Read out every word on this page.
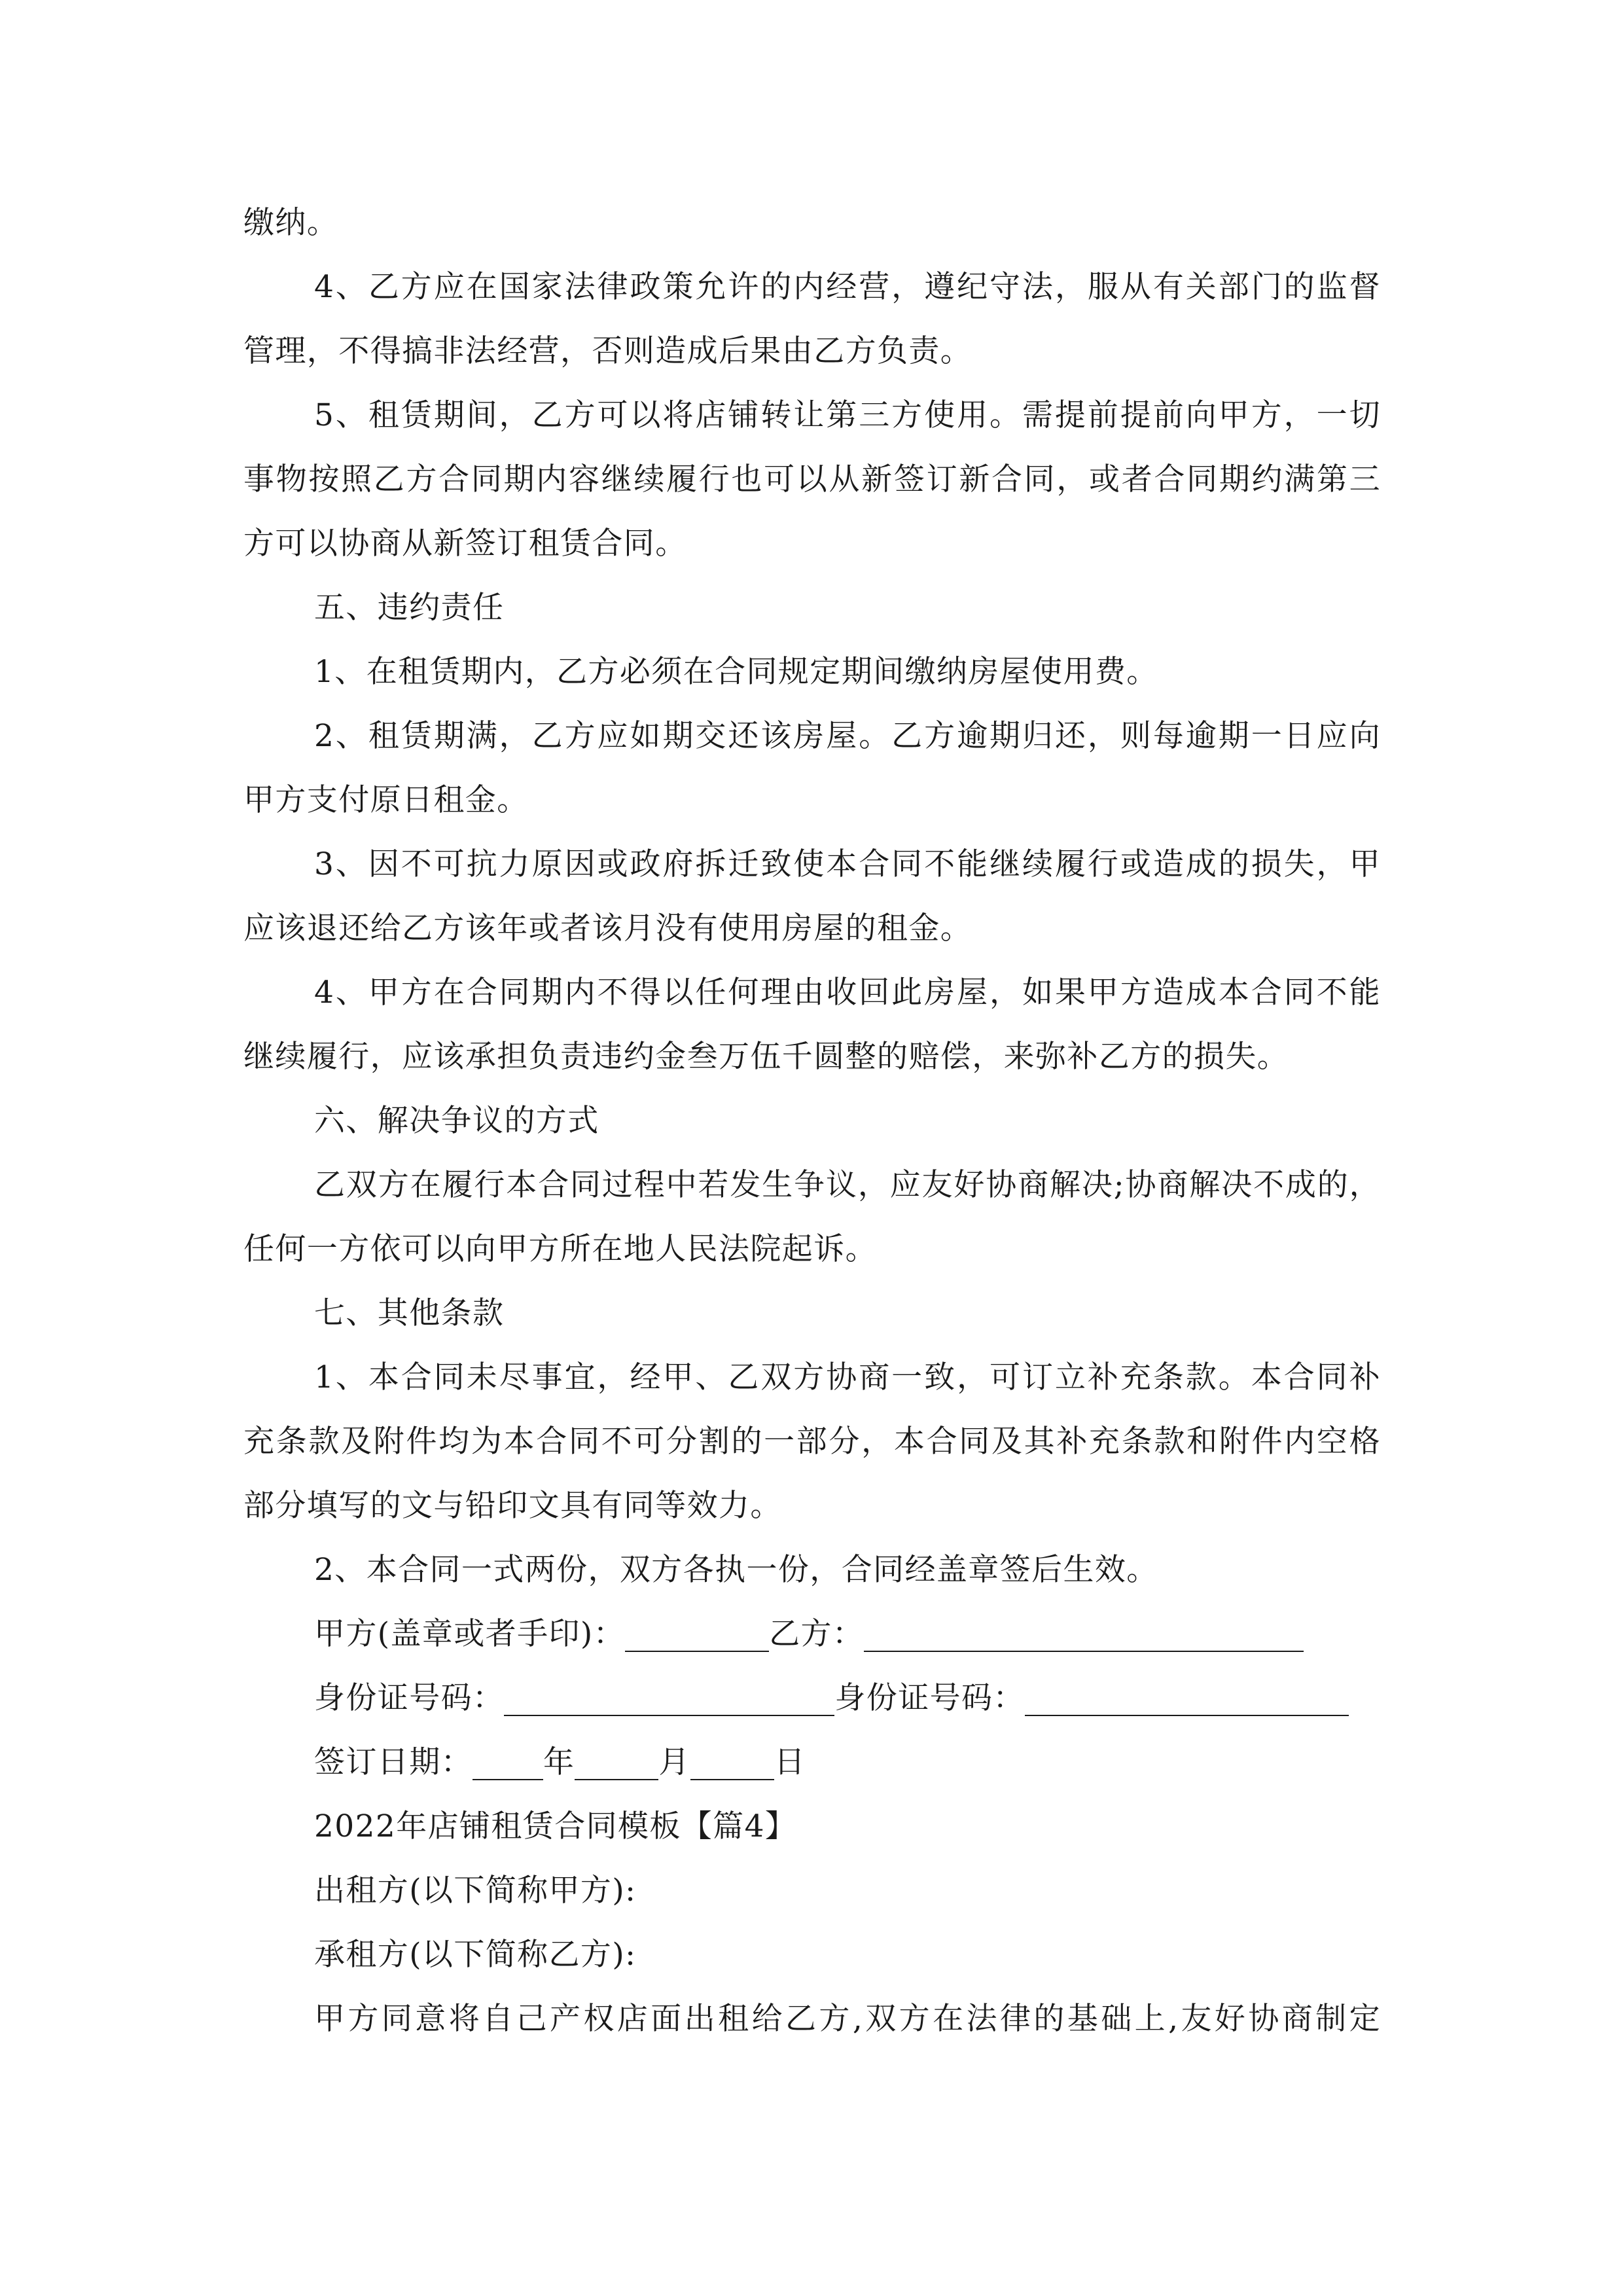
缴纳。
4、乙方应在国家法律政策允许的内经营，遵纪守法，服从有关部门的监督
管理，不得搞非法经营，否则造成后果由乙方负责。
5、租赁期间，乙方可以将店铺转让第三方使用。需提前提前向甲方，一切
事物按照乙方合同期内容继续履行也可以从新签订新合同，或者合同期约满第三
方可以协商从新签订租赁合同。
五、违约责任
1、在租赁期内，乙方必须在合同规定期间缴纳房屋使用费。
2、租赁期满，乙方应如期交还该房屋。乙方逾期归还，则每逾期一日应向
甲方支付原日租金。
3、因不可抗力原因或政府拆迁致使本合同不能继续履行或造成的损失，甲
应该退还给乙方该年或者该月没有使用房屋的租金。
4、甲方在合同期内不得以任何理由收回此房屋，如果甲方造成本合同不能
继续履行，应该承担负责违约金叁万伍千圆整的赔偿，来弥补乙方的损失。
六、解决争议的方式
乙双方在履行本合同过程中若发生争议，应友好协商解决;协商解决不成的，
任何一方依可以向甲方所在地人民法院起诉。
七、其他条款
1、本合同未尽事宜，经甲、乙双方协商一致，可订立补充条款。本合同补
充条款及附件均为本合同不可分割的一部分，本合同及其补充条款和附件内空格
部分填写的文与铅印文具有同等效力。
2、本合同一式两份，双方各执一份，合同经盖章签后生效。
甲方(盖章或者手印)：	乙方：
身份证号码：	身份证号码：
签订日期： 年	月	日
2022年店铺租赁合同模板【篇4】
出租方(以下简称甲方):
承租方(以下简称乙方):
甲方同意将自己产权店面出租给乙方,双方在法律的基础上,友好协商制定
